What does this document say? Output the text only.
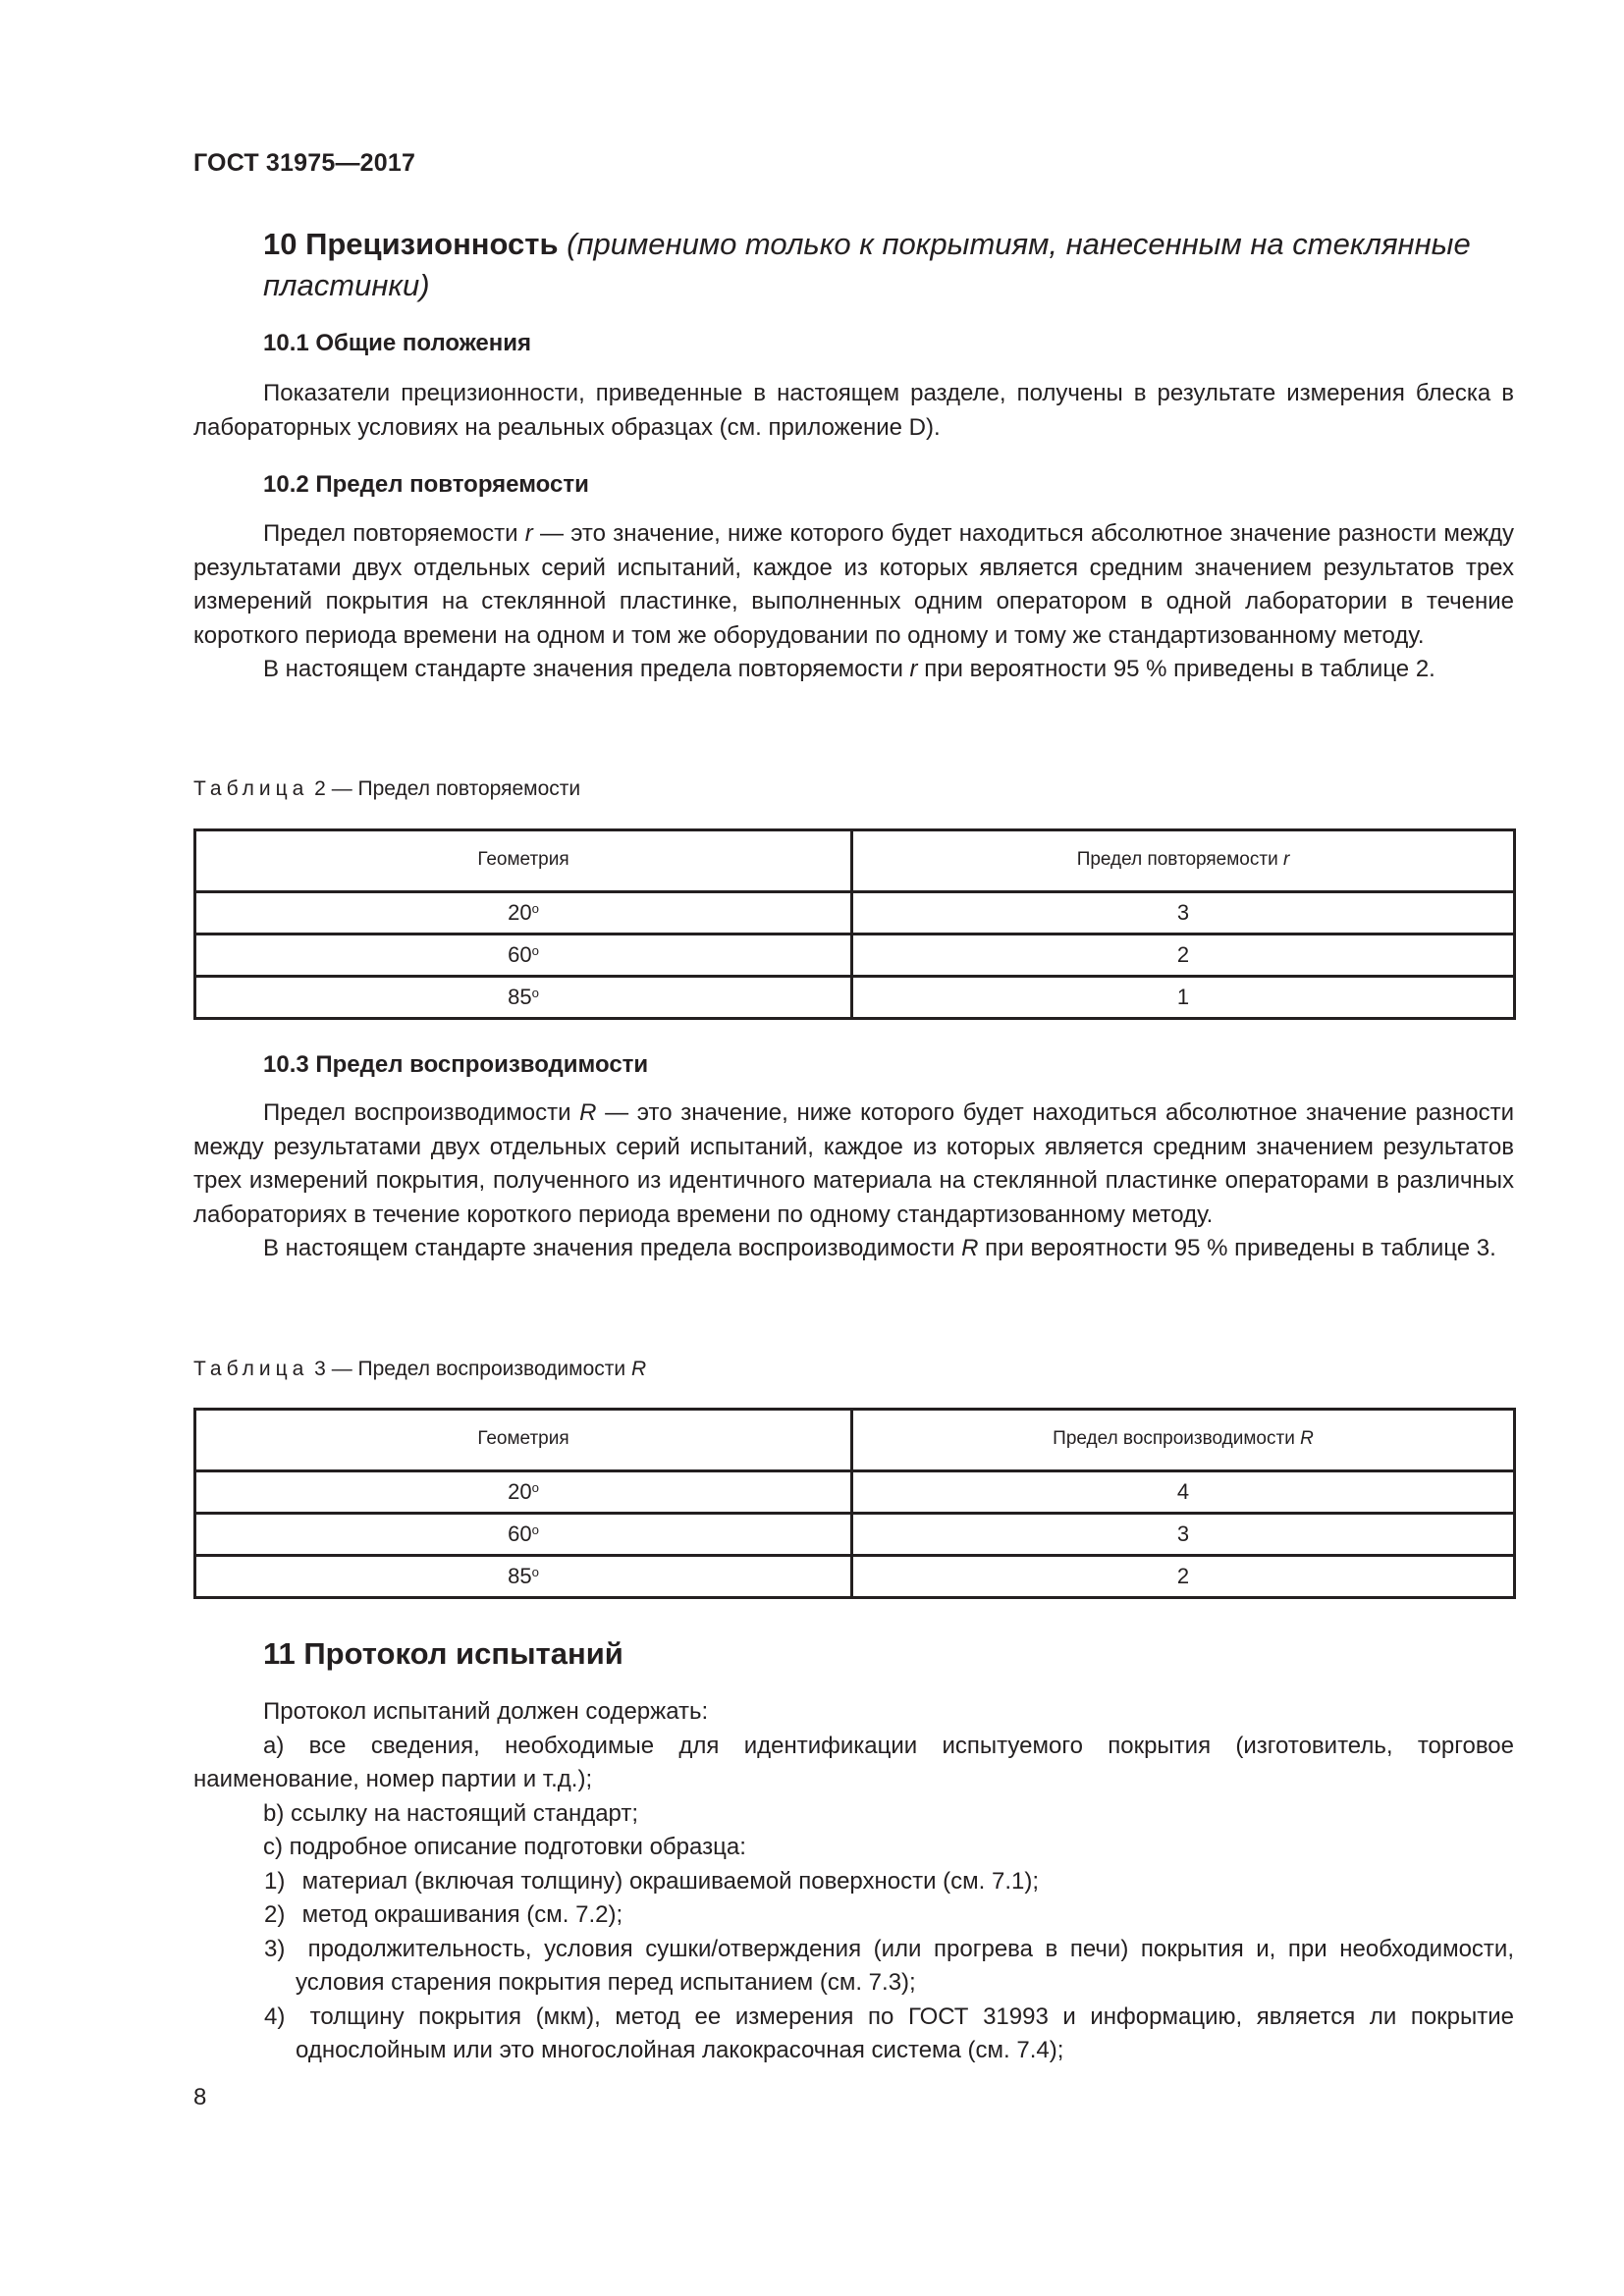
ГОСТ 31975—2017
10 Прецизионность (применимо только к покрытиям, нанесенным на стеклянные пластинки)
10.1 Общие положения

Показатели прецизионности, приведенные в настоящем разделе, получены в результате измерения блеска в лабораторных условиях на реальных образцах (см. приложение D).

10.2 Предел повторяемости

Предел повторяемости r — это значение, ниже которого будет находиться абсолютное значение разности между результатами двух отдельных серий испытаний, каждое из которых является средним значением результатов трех измерений покрытия на стеклянной пластинке, выполненных одним оператором в одной лаборатории в течение короткого периода времени на одном и том же оборудовании по одному и тому же стандартизованному методу.

В настоящем стандарте значения предела повторяемости r при вероятности 95 % приведены в таблице 2.

Таблица 2 — Предел повторяемости
Геометрия	Предел повторяемости r

20$^o$	3
60$^o$	2
85$^o$	1
10.3 Предел воспроизводимости

Предел воспроизводимости R — это значение, ниже которого будет находиться абсолютное значение разности между результатами двух отдельных серий испытаний, каждое из которых является средним значением результатов трех измерений покрытия, полученного из идентичного материала на стеклянной пластинке операторами в различных лабораториях в течение короткого периода времени по одному стандартизованному методу.

В настоящем стандарте значения предела воспроизводимости R при вероятности 95 % приведены в таблице 3.

Таблица 3 — Предел воспроизводимости R
Геометрия	Предел воспроизводимости R

20$^o$	4
60$^o$	3
85$^o$	2
11 Протокол испытаний

Протокол испытаний должен содержать:

a) все сведения, необходимые для идентификации испытуемого покрытия (изготовитель, торговое наименование, номер партии и т.д.);

b) ссылку на настоящий стандарт;

c) подробное описание подготовки образца:

1) материал (включая толщину) окрашиваемой поверхности (см. 7.1);

2) метод окрашивания (см. 7.2);

3) продолжительность, условия сушки/отверждения (или прогрева в печи) покрытия и, при необходимости, условия старения покрытия перед испытанием (см. 7.3);

4) толщину покрытия (мкм), метод ее измерения по ГОСТ 31993 и информацию, является ли покрытие однослойным или это многослойная лакокрасочная система (см. 7.4);

8
